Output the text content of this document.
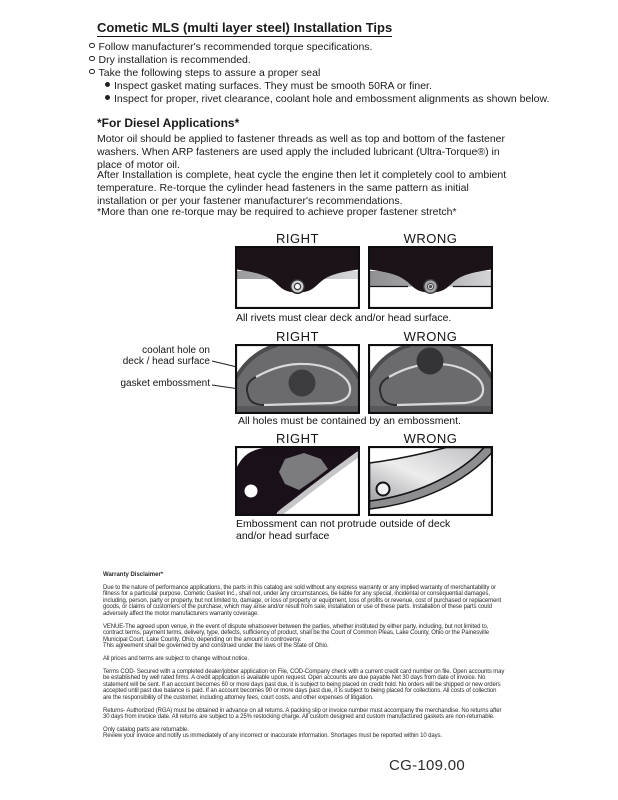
Cometic MLS (multi layer steel) Installation Tips
Follow manufacturer's recommended torque specifications.
Dry installation is recommended.
Take the following steps to assure a proper seal
Inspect gasket mating surfaces. They must be smooth 50RA or finer.
Inspect for proper, rivet clearance, coolant hole and embossment alignments as shown below.
*For Diesel Applications*
Motor oil should be applied to fastener threads as well as top and bottom of the fastener washers. When ARP fasteners are used apply the included lubricant (Ultra-Torque®) in place of motor oil.
After Installation is complete, heat cycle the engine then let it completely cool to ambient temperature. Re-torque the cylinder head fasteners in the same pattern as initial installation or per your fastener manufacturer's recommendations.
*More than one re-torque may be required to achieve proper fastener stretch*
RIGHT	WRONG
All rivets must clear deck and/or head surface.
RIGHT	WRONG
coolant hole on
deck / head surface
gasket embossment
All holes must be contained by an embossment.
RIGHT	WRONG
Embossment can not protrude outside of deck
and/or head surface
Warranty Disclaimer*
Due to the nature of performance applications, the parts in this catalog are sold without any express warranty or any implied warranty of merchantability or
fitness for a particular purpose. Cometic Gasket Inc., shall not, under any circumstances, be liable for any special, incidental or consequential damages,
including, person, party or property, but not limited to, damage, or loss of property or equipment, loss of profits or revenue, cost of purchased or replacement
goods, or claims of customers of the purchase, which may arise and/or result from sale, installation or use of these parts. Installation of these parts could
adversely affect the motor manufacturers warranty coverage.
VENUE-The agreed upon venue, in the event of dispute whatsoever between the parties, whether instituted by either party, including, but not limited to,
contract terms, payment terms, delivery, type, defects, sufficiency of product, shall be the Court of Common Pleas, Lake County, Ohio or the Painesville
Municipal Court, Lake County, Ohio, depending on the amount in controversy.
This agreement shall be governed by and construed under the laws of the State of Ohio.
All prices and terms are subject to change without notice.
Terms COD- Secured with a completed dealer/jobber application on File, COD-Company check with a current credit card number on file. Open accounts may
be established by well rated firms. A credit application is available upon request. Open accounts are due payable Net 30 days from date of invoice. No
statement will be sent. If an account becomes 60 or more days past due, it is subject to being placed on credit hold. No orders will be shipped or new orders
accepted until past due balance is paid. If an account becomes 90 or more days past due, it is subject to being placed for collections. All costs of collection
are the responsibility of the customer, including attorney fees, court costs, and other expenses of litigation.
Returns- Authorized (RGA) must be obtained in advance on all returns. A packing slip or invoice number must accompany the merchandise. No returns after
30 days from invoice date. All returns are subject to a 25% restocking charge. All custom designed and custom manufactured gaskets are non-returnable.
Only catalog parts are returnable.
Review your invoice and notify us immediately of any incorrect or inaccurate information. Shortages must be reported within 10 days.
CG-109.00
